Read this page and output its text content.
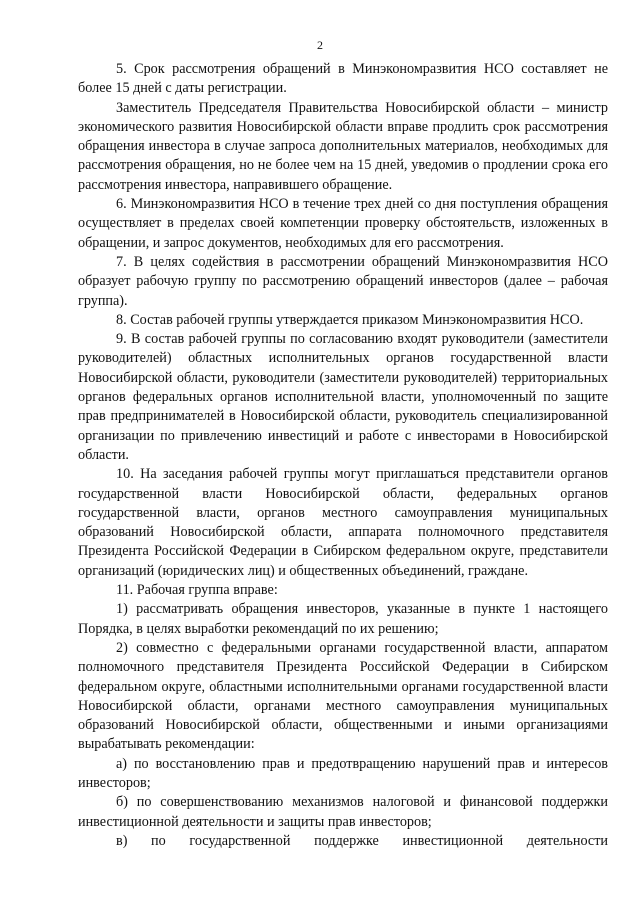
2

5. Срок рассмотрения обращений в Минэкономразвития НСО составляет не более 15 дней с даты регистрации.

Заместитель Председателя Правительства Новосибирской области – министр экономического развития Новосибирской области вправе продлить срок рассмотрения обращения инвестора в случае запроса дополнительных материалов, необходимых для рассмотрения обращения, но не более чем на 15 дней, уведомив о продлении срока его рассмотрения инвестора, направившего обращение.

6. Минэкономразвития НСО в течение трех дней со дня поступления обращения осуществляет в пределах своей компетенции проверку обстоятельств, изложенных в обращении, и запрос документов, необходимых для его рассмотрения.

7. В целях содействия в рассмотрении обращений Минэкономразвития НСО образует рабочую группу по рассмотрению обращений инвесторов (далее – рабочая группа).

8. Состав рабочей группы утверждается приказом Минэкономразвития НСО.

9. В состав рабочей группы по согласованию входят руководители (заместители руководителей) областных исполнительных органов государственной власти Новосибирской области, руководители (заместители руководителей) территориальных органов федеральных органов исполнительной власти, уполномоченный по защите прав предпринимателей в Новосибирской области, руководитель специализированной организации по привлечению инвестиций и работе с инвесторами в Новосибирской области.

10. На заседания рабочей группы могут приглашаться представители органов государственной власти Новосибирской области, федеральных органов государственной власти, органов местного самоуправления муниципальных образований Новосибирской области, аппарата полномочного представителя Президента Российской Федерации в Сибирском федеральном округе, представители организаций (юридических лиц) и общественных объединений, граждане.

11. Рабочая группа вправе:

1) рассматривать обращения инвесторов, указанные в пункте 1 настоящего Порядка, в целях выработки рекомендаций по их решению;

2) совместно с федеральными органами государственной власти, аппаратом полномочного представителя Президента Российской Федерации в Сибирском федеральном округе, областными исполнительными органами государственной власти Новосибирской области, органами местного самоуправления муниципальных образований Новосибирской области, общественными и иными организациями вырабатывать рекомендации:

а) по восстановлению прав и предотвращению нарушений прав и интересов инвесторов;

б) по совершенствованию механизмов налоговой и финансовой поддержки инвестиционной деятельности и защиты прав инвесторов;

в) по государственной поддержке инвестиционной деятельности
